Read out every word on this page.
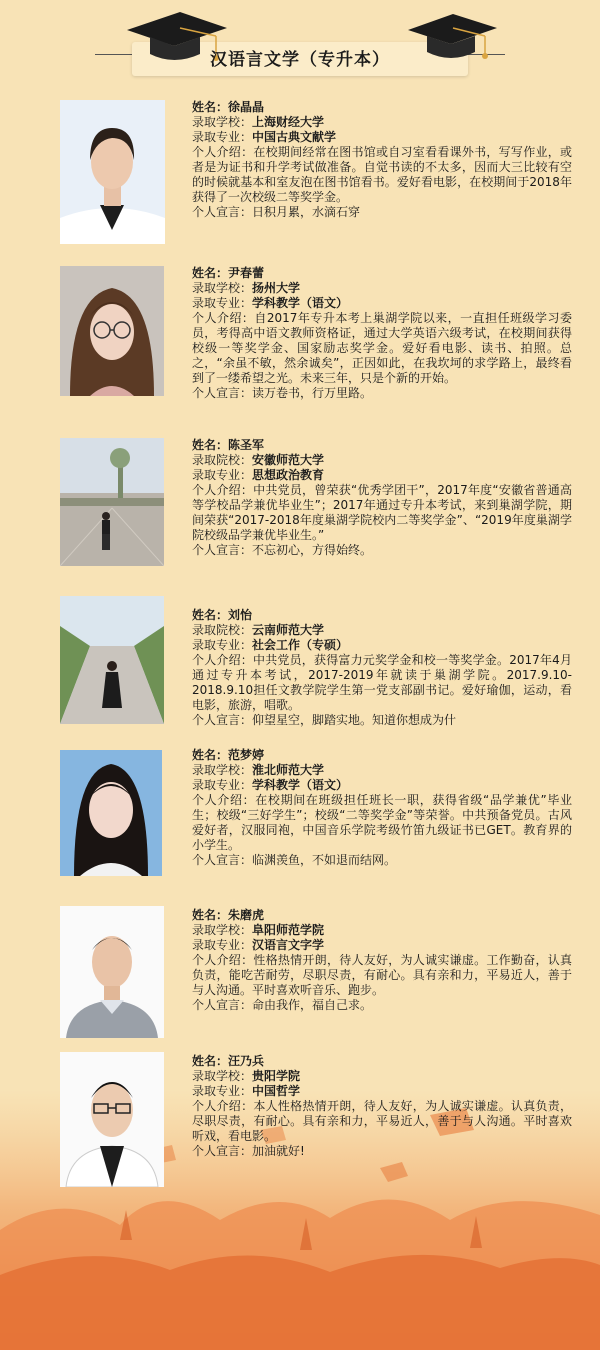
汉语言文学（专升本）
姓名：徐晶晶
录取学校：上海财经大学
录取专业：中国古典文献学
个人介绍：在校期间经常在图书馆或自习室看看课外书，写写作业，或者是为证书和升学考试做准备。自觉书读的不太多，因而大三比较有空的时候就基本和室友泡在图书馆看书。爱好看电影，在校期间于2018年获得了一次校级二等奖学金。
个人宣言：日积月累，水滴石穿
姓名：尹春蕾
录取学校：扬州大学
录取专业：学科教学（语文）
个人介绍：自2017年专升本考上巢湖学院以来，一直担任班级学习委员，考得高中语文教师资格证，通过大学英语六级考试，在校期间获得校级一等奖学金、国家励志奖学金。爱好看电影、读书、拍照。总之，“余虽不敏，然余诚矣”，正因如此，在我坎坷的求学路上，最终看到了一缕希望之光。未来三年，只是个新的开始。
个人宣言：读万卷书，行万里路。
姓名：陈圣军
录取院校：安徽师范大学
录取专业：思想政治教育
个人介绍：中共党员，曾荣获“优秀学团干”，2017年度“安徽省普通高等学校品学兼优毕业生”；2017年通过专升本考试，来到巢湖学院，期间荣获“2017-2018年度巢湖学院校内二等奖学金”、“2019年度巢湖学院校级品学兼优毕业生。”
个人宣言：不忘初心，方得始终。
姓名：刘怡
录取院校：云南师范大学
录取专业：社会工作（专硕）
个人介绍：中共党员，获得富力元奖学金和校一等奖学金。2017年4月通过专升本考试，2017-2019年就读于巢湖学院。2017.9.10-2018.9.10担任文教学院学生第一党支部副书记。爱好瑜伽，运动，看电影，旅游，唱歌。
个人宣言：仰望星空，脚踏实地。知道你想成为什
姓名：范梦婷
录取学校：淮北师范大学
录取专业：学科教学（语文）
个人介绍：在校期间在班级担任班长一职，获得省级“品学兼优”毕业生；校级“三好学生”；校级“二等奖学金”等荣誉。中共预备党员。古风爱好者，汉服同袍，中国音乐学院考级竹笛九级证书已GET。教育界的小学生。
个人宣言：临渊羡鱼，不如退而结网。
姓名：朱磨虎
录取学校：阜阳师范学院
录取专业：汉语言文字学
个人介绍：性格热情开朗，待人友好，为人诚实谦虚。工作勤奋，认真负责，能吃苦耐劳，尽职尽责，有耐心。具有亲和力，平易近人，善于与人沟通。平时喜欢听音乐、跑步。
个人宣言：命由我作，福自己求。
姓名：汪乃兵
录取学校：贵阳学院
录取专业：中国哲学
个人介绍：本人性格热情开朗，待人友好，为人诚实谦虚。认真负责，尽职尽责，有耐心。具有亲和力，平易近人，善于与人沟通。平时喜欢听戏，看电影。
个人宣言：加油就好!
